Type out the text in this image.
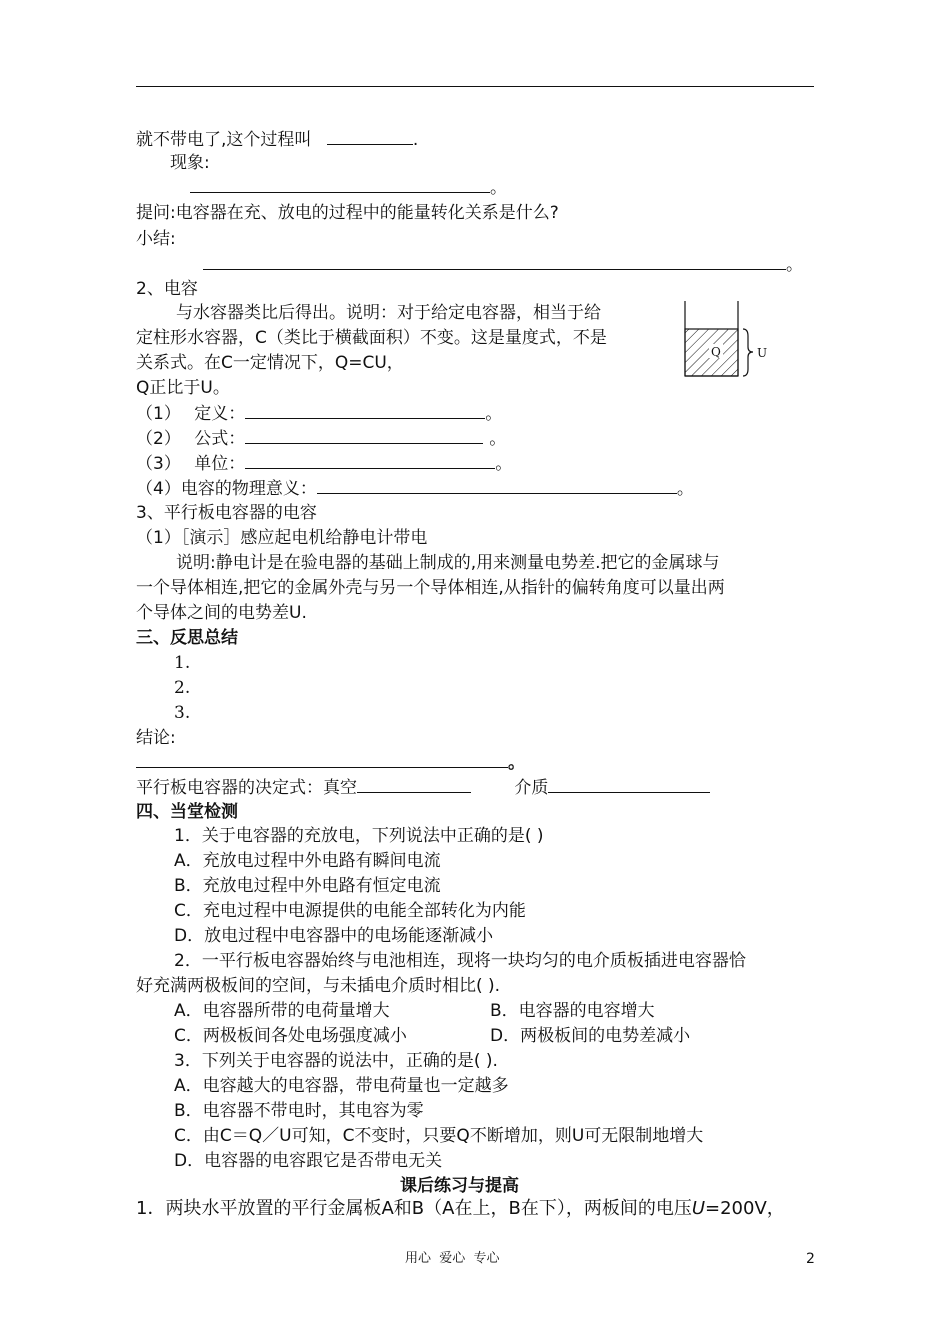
就不带电了,这个过程叫	.
现象:
。
提问:电容器在充、放电的过程中的能量转化关系是什么?
小结:
。
2、电容
与水容器类比后得出。说明：对于给定电容器，相当于给
定柱形水容器，C（类比于横截面积）不变。这是量度式，不是
关系式。在C一定情况下，Q=CU，
Q正比于U。
Q	U
（1） 定义：	。
（2） 公式：	。
（3） 单位：	。
（4）电容的物理意义：	。
3、平行板电容器的电容
（1）［演示］感应起电机给静电计带电
说明:静电计是在验电器的基础上制成的,用来测量电势差.把它的金属球与
一个导体相连,把它的金属外壳与另一个导体相连,从指针的偏转角度可以量出两
个导体之间的电势差U.
三、反思总结
1.
2.
3.
结论:
。
平行板电容器的决定式：真空	介质
四、当堂检测
1．关于电容器的充放电，下列说法中正确的是( )
A．充放电过程中外电路有瞬间电流
B．充放电过程中外电路有恒定电流
C．充电过程中电源提供的电能全部转化为内能
D．放电过程中电容器中的电场能逐渐减小
2．一平行板电容器始终与电池相连，现将一块均匀的电介质板插进电容器恰
好充满两极板间的空间，与未插电介质时相比( ).
A．电容器所带的电荷量增大	B．电容器的电容增大
C．两极板间各处电场强度减小	D．两极板间的电势差减小
3．下列关于电容器的说法中，正确的是( ).
A．电容越大的电容器，带电荷量也一定越多
B．电容器不带电时，其电容为零
C．由C＝Q／U可知，C不变时，只要Q不断增加，则U可无限制地增大
D．电容器的电容跟它是否带电无关
课后练习与提高
1．两块水平放置的平行金属板A和B（A在上，B在下），两板间的电压U=200V，
用心  爱心  专心	2
